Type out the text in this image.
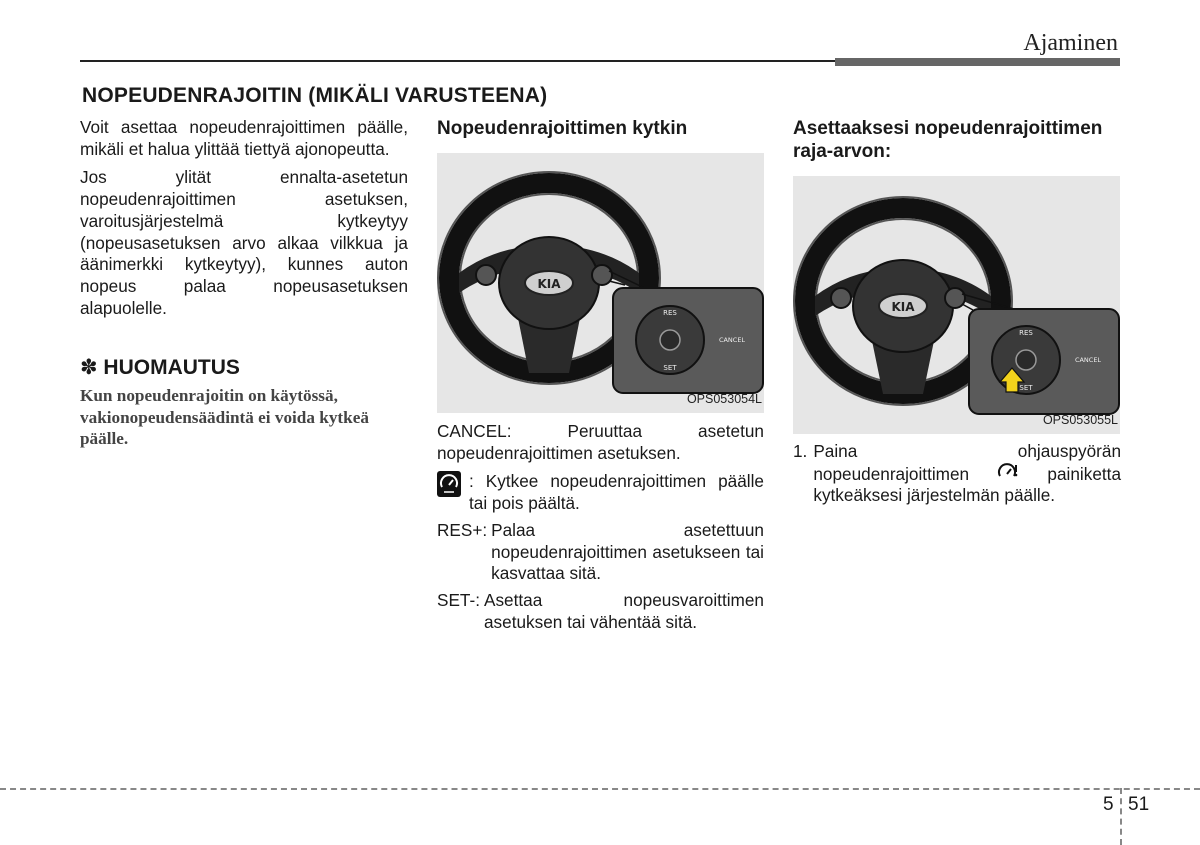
Ajaminen
NOPEUDENRAJOITIN (MIKÄLI VARUSTEENA)

Voit asettaa nopeudenrajoittimen päälle, mikäli et halua ylittää tiettyä ajonopeutta.

Jos ylität ennalta-asetetun nopeudenrajoittimen asetuksen, varoitusjärjestelmä kytkeytyy (nopeusasetuksen arvo alkaa vilkkua ja äänimerkki kytkeytyy), kunnes auton nopeus palaa nopeusasetuksen alapuolelle.

✽ HUOMAUTUS
Kun nopeudenrajoitin on käytössä, vakionopeudensäädintä ei voida kytkeä päälle.
Nopeudenrajoittimen kytkin
KIA
RES
SET
CANCEL
OPS053054L

CANCEL: Peruuttaa asetetun nopeudenrajoittimen asetuksen.

: Kytkee nopeudenrajoittimen päälle tai pois päältä.
RES+: Palaa asetettuun nopeudenrajoittimen asetukseen tai kasvattaa sitä.
SET-: Asettaa nopeusvaroittimen asetuksen tai vähentää sitä.
Asettaaksesi nopeudenrajoittimen raja-arvon:
KIA
RES
SET
CANCEL
OPS053055L
1. Paina ohjauspyörän nopeudenrajoittimen	painiketta kytkeäksesi järjestelmän päälle.
5 51
